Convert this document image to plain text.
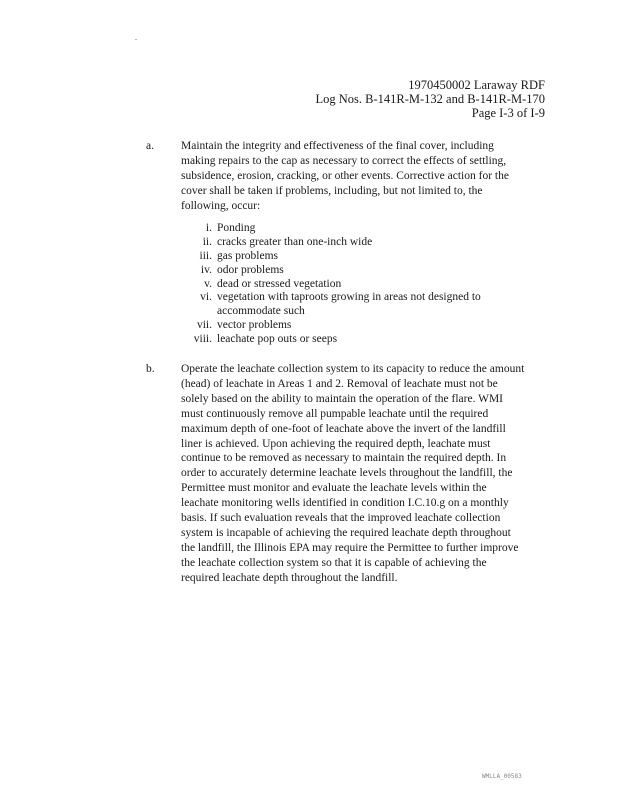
1970450002 Laraway RDF
Log Nos. B-141R-M-132 and B-141R-M-170
Page I-3 of I-9
a. Maintain the integrity and effectiveness of the final cover, including
making repairs to the cap as necessary to correct the effects of settling,
subsidence, erosion, cracking, or other events. Corrective action for the
cover shall be taken if problems, including, but not limited to, the
following, occur:
i. Ponding
ii. cracks greater than one-inch wide
iii. gas problems
iv. odor problems
v. dead or stressed vegetation
vi. vegetation with taproots growing in areas not designed to
accommodate such
vii. vector problems
viii. leachate pop outs or seeps
b. Operate the leachate collection system to its capacity to reduce the amount
(head) of leachate in Areas 1 and 2. Removal of leachate must not be
solely based on the ability to maintain the operation of the flare. WMI
must continuously remove all pumpable leachate until the required
maximum depth of one-foot of leachate above the invert of the landfill
liner is achieved. Upon achieving the required depth, leachate must
continue to be removed as necessary to maintain the required depth. In
order to accurately determine leachate levels throughout the landfill, the
Permittee must monitor and evaluate the leachate levels within the
leachate monitoring wells identified in condition I.C.10.g on a monthly
basis. If such evaluation reveals that the improved leachate collection
system is incapable of achieving the required leachate depth throughout
the landfill, the Illinois EPA may require the Permittee to further improve
the leachate collection system so that it is capable of achieving the
required leachate depth throughout the landfill.
WMLLA_00583
